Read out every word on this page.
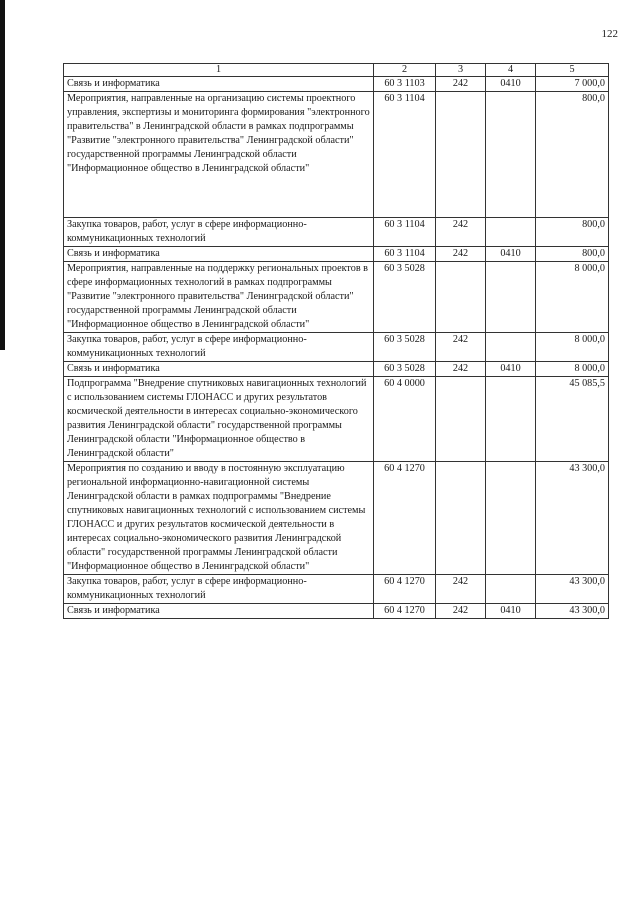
122
1	2	3	4	5
Связь и информатика	60 3 1103	242	0410	7 000,0
Мероприятия, направленные на организацию системы проектного управления, экспертизы и мониторинга формирования "электронного правительства" в Ленинградской области в рамках подпрограммы "Развитие "электронного правительства" Ленинградской области" государственной программы Ленинградской области "Информационное общество в Ленинградской области"	60 3 1104			800,0
Закупка товаров, работ, услуг в сфере информационно-коммуникационных технологий	60 3 1104	242		800,0
Связь и информатика	60 3 1104	242	0410	800,0
Мероприятия, направленные на поддержку региональных проектов в сфере информационных технологий в рамках подпрограммы "Развитие "электронного правительства" Ленинградской области" государственной программы Ленинградской области "Информационное общество в Ленинградской области"	60 3 5028			8 000,0
Закупка товаров, работ, услуг в сфере информационно-коммуникационных технологий	60 3 5028	242		8 000,0
Связь и информатика	60 3 5028	242	0410	8 000,0
Подпрограмма "Внедрение спутниковых навигационных технологий с использованием системы ГЛОНАСС и других результатов космической деятельности в интересах социально-экономического развития Ленинградской области" государственной программы Ленинградской области "Информационное общество в Ленинградской области"	60 4 0000			45 085,5
Мероприятия по созданию и вводу в постоянную эксплуатацию региональной информационно-навигационной системы Ленинградской области в рамках подпрограммы "Внедрение спутниковых навигационных технологий с использованием системы ГЛОНАСС и других результатов космической деятельности в интересах социально-экономического развития Ленинградской области" государственной программы Ленинградской области "Информационное общество в Ленинградской области"	60 4 1270			43 300,0
Закупка товаров, работ, услуг в сфере информационно-коммуникационных технологий	60 4 1270	242		43 300,0
Связь и информатика	60 4 1270	242	0410	43 300,0
